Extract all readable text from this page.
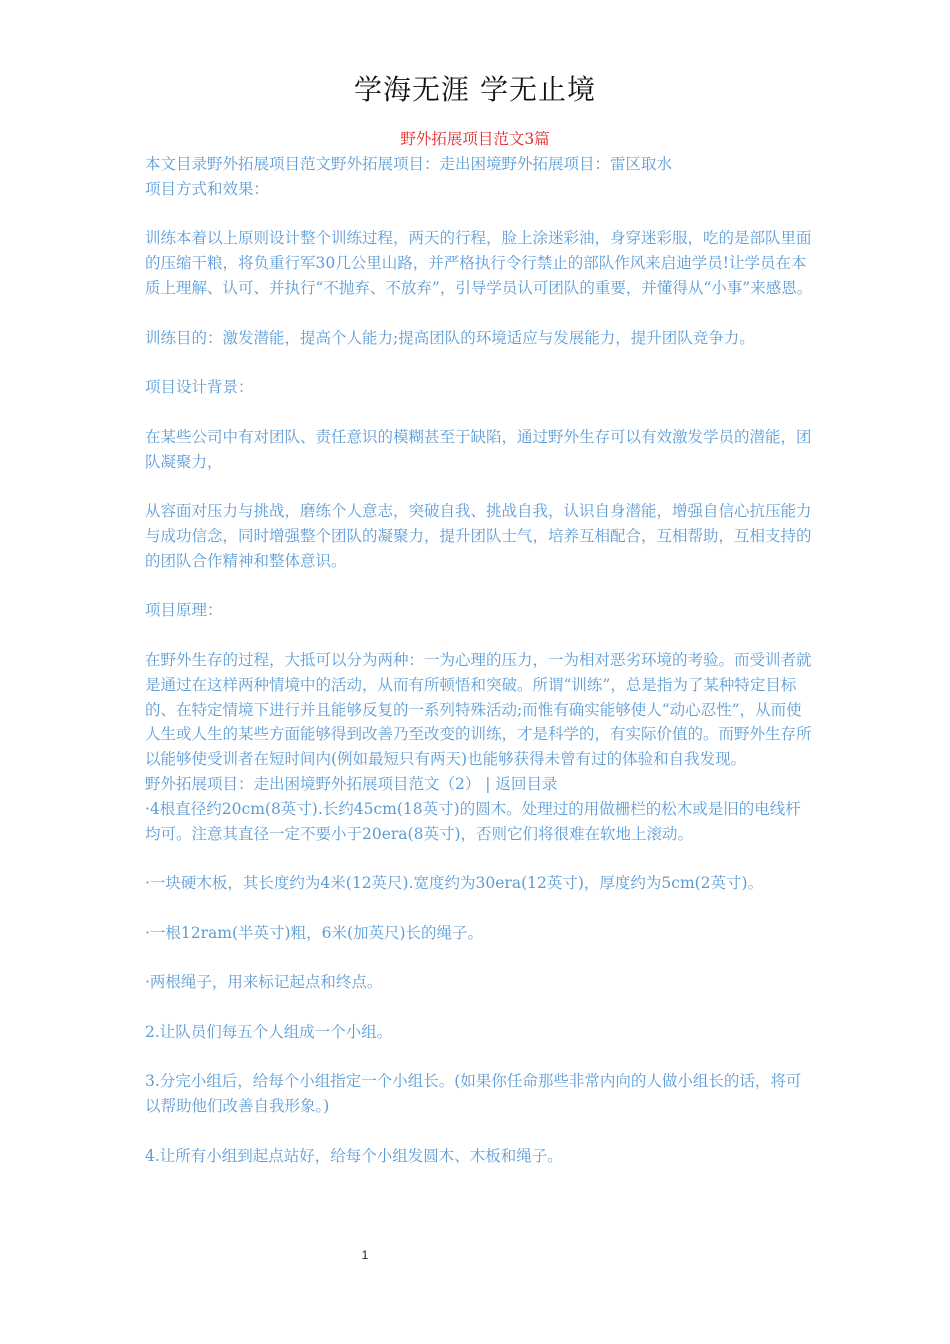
学海无涯 学无止境
野外拓展项目范文3篇

本文目录野外拓展项目范文野外拓展项目：走出困境野外拓展项目：雷区取水

项目方式和效果：

训练本着以上原则设计整个训练过程，两天的行程，脸上涂迷彩油，身穿迷彩服，吃的是部队里面的压缩干粮，将负重行军30几公里山路，并严格执行令行禁止的部队作风来启迪学员!让学员在本质上理解、认可、并执行“不抛弃、不放弃”，引导学员认可团队的重要，并懂得从“小事”来感恩。

训练目的：激发潜能，提高个人能力;提高团队的环境适应与发展能力，提升团队竞争力。

项目设计背景：

在某些公司中有对团队、责任意识的模糊甚至于缺陷，通过野外生存可以有效激发学员的潜能，团队凝聚力，

从容面对压力与挑战，磨练个人意志，突破自我、挑战自我，认识自身潜能，增强自信心抗压能力与成功信念，同时增强整个团队的凝聚力，提升团队士气，培养互相配合，互相帮助，互相支持的的团队合作精神和整体意识。

项目原理：

在野外生存的过程，大抵可以分为两种：一为心理的压力，一为相对恶劣环境的考验。而受训者就是通过在这样两种情境中的活动，从而有所顿悟和突破。所谓“训练”，总是指为了某种特定目标的、在特定情境下进行并且能够反复的一系列特殊活动;而惟有确实能够使人“动心忍性”，从而使人生或人生的某些方面能够得到改善乃至改变的训练，才是科学的，有实际价值的。而野外生存所以能够使受训者在短时间内(例如最短只有两天)也能够获得未曾有过的体验和自我发现。

野外拓展项目：走出困境野外拓展项目范文（2） | 返回目录

·4根直径约20cm(8英寸).长约45cm(18英寸)的圆木。处理过的用做栅栏的松木或是旧的电线杆均可。注意其直径一定不要小于20era(8英寸)，否则它们将很难在软地上滚动。

·一块硬木板，其长度约为4米(12英尺).宽度约为30era(12英寸)，厚度约为5cm(2英寸)。

·一根12ram(半英寸)粗，6米(加英尺)长的绳子。

·两根绳子，用来标记起点和终点。

2.让队员们每五个人组成一个小组。

3.分完小组后，给每个小组指定一个小组长。(如果你任命那些非常内向的人做小组长的话，将可以帮助他们改善自我形象。)

4.让所有小组到起点站好，给每个小组发圆木、木板和绳子。

1
